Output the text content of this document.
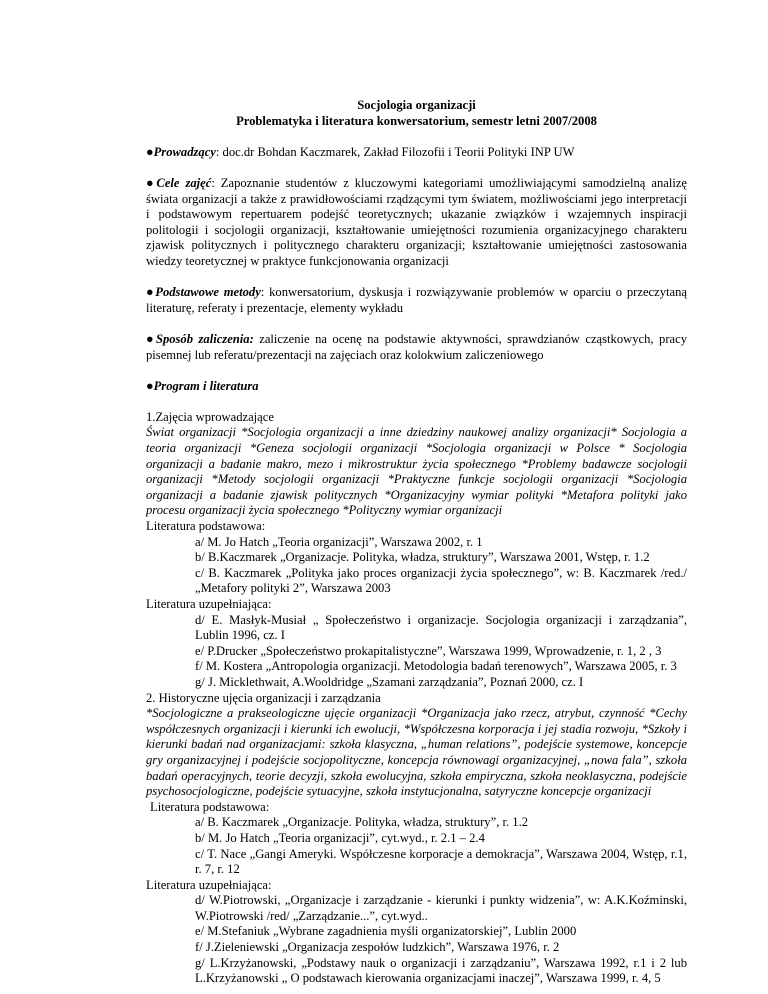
Socjologia organizacji
Problematyka i literatura konwersatorium, semestr letni 2007/2008

●Prowadzący: doc.dr Bohdan Kaczmarek, Zakład Filozofii i Teorii Polityki INP UW

●Cele zajęć: Zapoznanie studentów z kluczowymi kategoriami umożliwiającymi samodzielną analizę świata organizacji a także z prawidłowościami rządzącymi tym światem, możliwościami jego interpretacji i podstawowym repertuarem podejść teoretycznych; ukazanie związków i wzajemnych inspiracji politologii i socjologii organizacji, kształtowanie umiejętności rozumienia organizacyjnego charakteru zjawisk politycznych i politycznego charakteru organizacji; kształtowanie umiejętności zastosowania wiedzy teoretycznej w praktyce funkcjonowania organizacji

●Podstawowe metody: konwersatorium, dyskusja i rozwiązywanie problemów w oparciu o przeczytaną literaturę, referaty i prezentacje, elementy wykładu

●Sposób zaliczenia: zaliczenie na ocenę na podstawie aktywności, sprawdzianów cząstkowych, pracy pisemnej lub referatu/prezentacji na zajęciach oraz kolokwium zaliczeniowego

●Program i literatura

1.Zajęcia wprowadzające

Świat organizacji *Socjologia organizacji a inne dziedziny naukowej analizy organizacji* Socjologia a teoria organizacji *Geneza socjologii organizacji *Socjologia organizacji w Polsce * Socjologia organizacji a badanie makro, mezo i mikrostruktur życia społecznego *Problemy badawcze socjologii organizacji *Metody socjologii organizacji *Praktyczne funkcje socjologii organizacji *Socjologia organizacji a badanie zjawisk politycznych *Organizacyjny wymiar polityki *Metafora polityki jako procesu organizacji życia społecznego *Polityczny wymiar organizacji

Literatura podstawowa:

a/ M. Jo Hatch „Teoria organizacji”, Warszawa 2002, r. 1

b/ B.Kaczmarek „Organizacje. Polityka, władza, struktury”, Warszawa 2001, Wstęp, r. 1.2

c/ B. Kaczmarek „Polityka jako proces organizacji życia społecznego”, w: B. Kaczmarek /red./ „Metafory polityki 2”, Warszawa 2003

Literatura uzupełniająca:

d/ E. Masłyk-Musiał „ Społeczeństwo i organizacje. Socjologia organizacji i zarządzania”, Lublin 1996, cz. I

e/ P.Drucker „Społeczeństwo prokapitalistyczne”, Warszawa 1999, Wprowadzenie, r. 1, 2 , 3

f/ M. Kostera „Antropologia organizacji. Metodologia badań terenowych”, Warszawa 2005, r. 3

g/ J. Micklethwait, A.Wooldridge „Szamani zarządzania”, Poznań 2000, cz. I

2. Historyczne ujęcia organizacji i zarządzania

*Socjologiczne a prakseologiczne ujęcie organizacji *Organizacja jako rzecz, atrybut, czynność *Cechy współczesnych organizacji i kierunki ich ewolucji, *Współczesna korporacja i jej stadia rozwoju, *Szkoły i kierunki badań nad organizacjami: szkoła klasyczna, „human relations”, podejście systemowe, koncepcje gry organizacyjnej i podejście socjopolityczne, koncepcja równowagi organizacyjnej, „nowa fala”, szkoła badań operacyjnych, teorie decyzji, szkoła ewolucyjna, szkoła empiryczna, szkoła neoklasyczna, podejście psychosocjologiczne, podejście sytuacyjne, szkoła instytucjonalna, satyryczne koncepcje organizacji

Literatura podstawowa:

a/ B. Kaczmarek „Organizacje. Polityka, władza, struktury”, r. 1.2

b/ M. Jo Hatch „Teoria organizacji”, cyt.wyd., r. 2.1 – 2.4

c/ T. Nace „Gangi Ameryki. Współczesne korporacje a demokracja”, Warszawa 2004, Wstęp, r.1, r. 7, r. 12

Literatura uzupełniająca:

d/ W.Piotrowski, „Organizacje i zarządzanie - kierunki i punkty widzenia”, w: A.K.Koźminski, W.Piotrowski /red/ „Zarządzanie...”, cyt.wyd..

e/ M.Stefaniuk „Wybrane zagadnienia myśli organizatorskiej”, Lublin 2000

f/ J.Zieleniewski „Organizacja zespołów ludzkich”, Warszawa 1976, r. 2

g/ L.Krzyżanowski, „Podstawy nauk o organizacji i zarządzaniu”, Warszawa 1992, r.1 i 2 lub L.Krzyżanowski „ O podstawach kierowania organizacjami inaczej”, Warszawa 1999, r. 4, 5
